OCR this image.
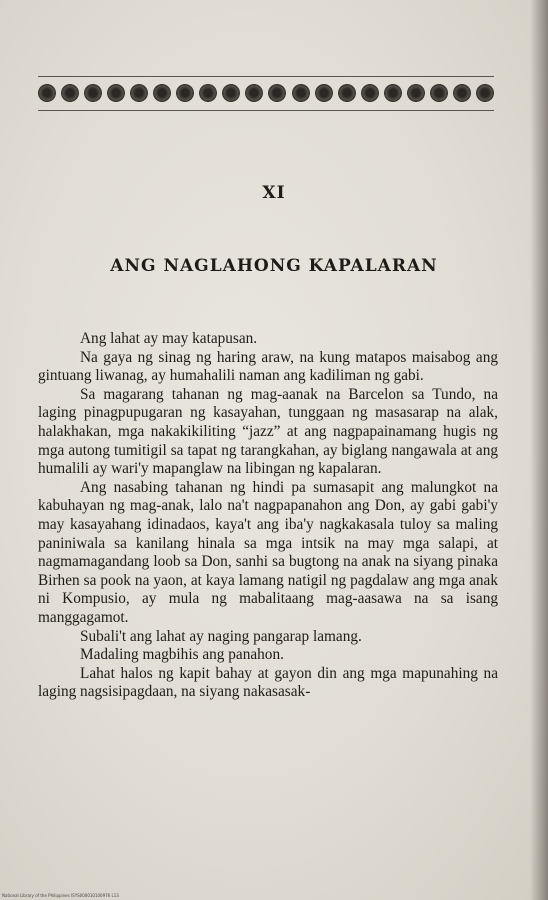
XI
ANG NAGLAHONG KAPALARAN

Ang lahat ay may katapusan.

Na gaya ng sinag ng haring araw, na kung matapos maisabog ang gintuang liwanag, ay humahalili naman ang kadiliman ng gabi.

Sa magarang tahanan ng mag-aanak na Barcelon sa Tundo, na laging pinagpupugaran ng kasayahan, tunggaan ng masasarap na alak, halakhakan, mga nakakikiliting “jazz” at ang nagpapainamang hugis ng mga autong tumitigil sa tapat ng tarangkahan, ay biglang nangawala at ang humalili ay wari'y mapanglaw na libingan ng kapalaran.

Ang nasabing tahanan ng hindi pa sumasapit ang malungkot na kabuhayan ng mag-anak, lalo na't nagpapanahon ang Don, ay gabi gabi'y may kasayahang idinadaos, kaya't ang iba'y nagkakasala tuloy sa maling paniniwala sa kanilang hinala sa mga intsik na may mga salapi, at nagmamagandang loob sa Don, sanhi sa bugtong na anak na siyang pinaka Birhen sa pook na yaon, at kaya lamang natigil ng pagdalaw ang mga anak ni Kompusio, ay mula ng mabalitaang mag-aasawa na sa isang manggagamot.

Subali't ang lahat ay naging pangarap lamang.

Madaling magbihis ang panahon.

Lahat halos ng kapit bahay at gayon din ang mga mapunahing na laging nagsisipagdaan, na siyang nakasasak-

National Library of the Philippines ISYS000010100976 L13
